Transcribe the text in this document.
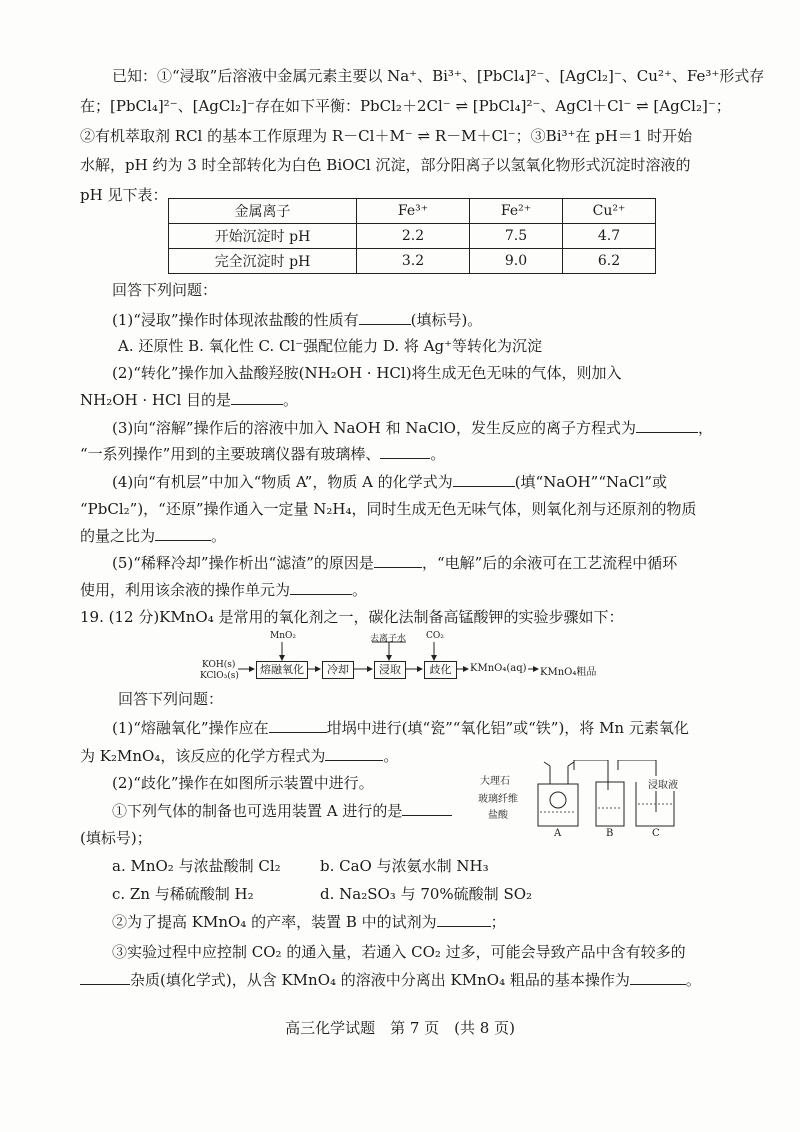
已知：①“浸取”后溶液中金属元素主要以 Na⁺、Bi³⁺、[PbCl₄]²⁻、[AgCl₂]⁻、Cu²⁺、Fe³⁺形式存
在；[PbCl₄]²⁻、[AgCl₂]⁻存在如下平衡：PbCl₂＋2Cl⁻ ⇌ [PbCl₄]²⁻、AgCl＋Cl⁻ ⇌ [AgCl₂]⁻；
②有机萃取剂 RCl 的基本工作原理为 R－Cl＋M⁻ ⇌ R－M＋Cl⁻；③Bi³⁺在 pH＝1 时开始
水解，pH 约为 3 时全部转化为白色 BiOCl 沉淀，部分阳离子以氢氧化物形式沉淀时溶液的
pH 见下表：
金属离子	Fe³⁺	Fe²⁺	Cu²⁺
开始沉淀时 pH	2.2	7.5	4.7
完全沉淀时 pH	3.2	9.0	6.2
回答下列问题：
(1)“浸取”操作时体现浓盐酸的性质有	(填标号)。
A. 还原性 B. 氧化性 C. Cl⁻强配位能力 D. 将 Ag⁺等转化为沉淀
(2)“转化”操作加入盐酸羟胺(NH₂OH · HCl)将生成无色无味的气体，则加入
NH₂OH · HCl 目的是	。
(3)向“溶解”操作后的溶液中加入 NaOH 和 NaClO，发生反应的离子方程式为	，
“一系列操作”用到的主要玻璃仪器有玻璃棒、	。
(4)向“有机层”中加入“物质 A”，物质 A 的化学式为	(填“NaOH”“NaCl”或
“PbCl₂”)，“还原”操作通入一定量 N₂H₄，同时生成无色无味气体，则氧化剂与还原剂的物质
的量之比为	。
(5)“稀释冷却”操作析出“滤渣”的原因是	，“电解”后的余液可在工艺流程中循环
使用，利用该余液的操作单元为	。
19. (12 分)KMnO₄ 是常用的氧化剂之一，碳化法制备高锰酸钾的实验步骤如下：
KOH(s)
KClO₃(s)
MnO₂	去离子水 CO₂
熔融氧化	冷却	浸取	歧化	KMnO₄(aq) KMnO₄粗品
回答下列问题：
(1)“熔融氧化”操作应在	坩埚中进行(填“瓷”“氧化铝”或“铁”)，将 Mn 元素氧化
为 K₂MnO₄，该反应的化学方程式为	。
(2)“歧化”操作在如图所示装置中进行。
①下列气体的制备也可选用装置 A 进行的是
(填标号)；
大理石
玻璃纤维
盐酸
浸取液
A	B	C
a. MnO₂ 与浓盐酸制 Cl₂	b. CaO 与浓氨水制 NH₃
c. Zn 与稀硫酸制 H₂	d. Na₂SO₃ 与 70%硫酸制 SO₂
②为了提高 KMnO₄ 的产率，装置 B 中的试剂为	；
③实验过程中应控制 CO₂ 的通入量，若通入 CO₂ 过多，可能会导致产品中含有较多的
杂质(填化学式)，从含 KMnO₄ 的溶液中分离出 KMnO₄ 粗品的基本操作为	。
高三化学试题　第 7 页　(共 8 页)
